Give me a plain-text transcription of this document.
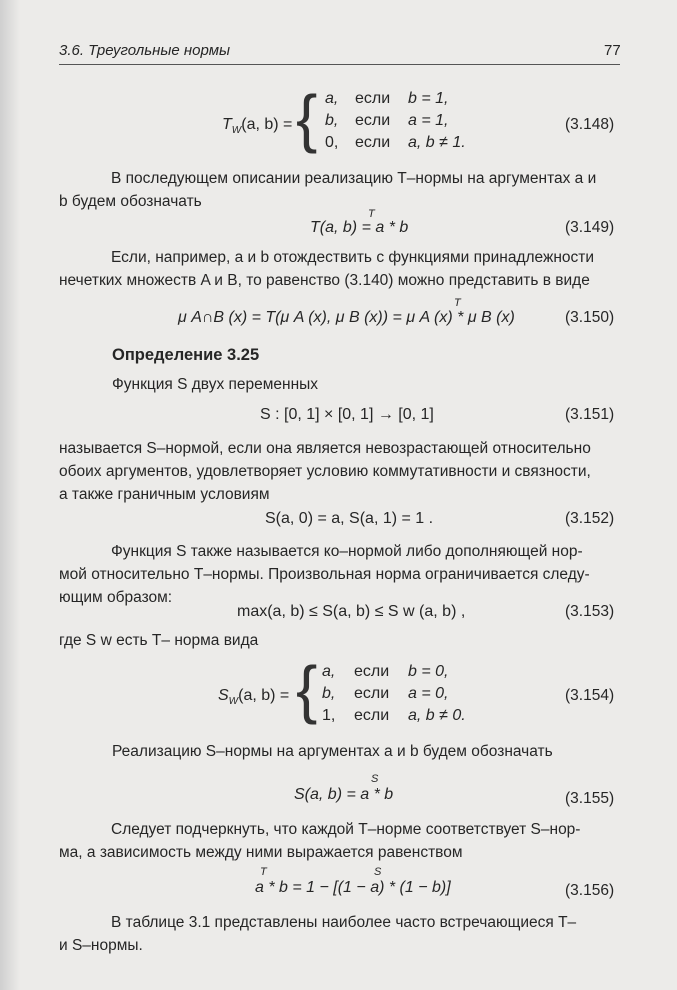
3.6. Треугольные нормы	77
$T_W(a$, b) = { a, если b = 1,
b, если a = 1,
0, если a, b ≠ 1.
(3.148)
В последующем описании реализацию T–нормы на аргументах a и
b будем обозначать
T
T(a, b) = a * b	(3.149)
Если, например, a и b отождествить с функциями принадлежности
нечетких множеств A и B, то равенство (3.140) можно представить в виде
T
μ A∩B (x) = T(μ A (x), μ B (x)) = μ A (x) * μ B (x)	(3.150)
Определение 3.25
Функция S двух переменных
S : [0, 1] × [0, 1] → [0, 1]	(3.151)
называется S–нормой, если она является невозрастающей относительно
обоих аргументов, удовлетворяет условию коммутативности и связности,
а также граничным условиям
S(a, 0) = a, S(a, 1) = 1 .	(3.152)
Функция S также называется ко–нормой либо дополняющей нор-
мой относительно T–нормы. Произвольная норма ограничивается следу-
ющим образом:
max(a, b) ≤ S(a, b) ≤ S w (a, b) ,	(3.153)
где S w есть T– норма вида
$S_W(a$, b) = { a, если b = 0,
b, если a = 0,
1, если a, b ≠ 0.
(3.154)
Реализацию S–нормы на аргументах a и b будем обозначать
S
S(a, b) = a * b	(3.155)
Следует подчеркнуть, что каждой T–норме соответствует S–нор-
ма, а зависимость между ними выражается равенством
T	S
a * b = 1 − [(1 − a) * (1 − b)]	(3.156)
В таблице 3.1 представлены наиболее часто встречающиеся T–
и S–нормы.
